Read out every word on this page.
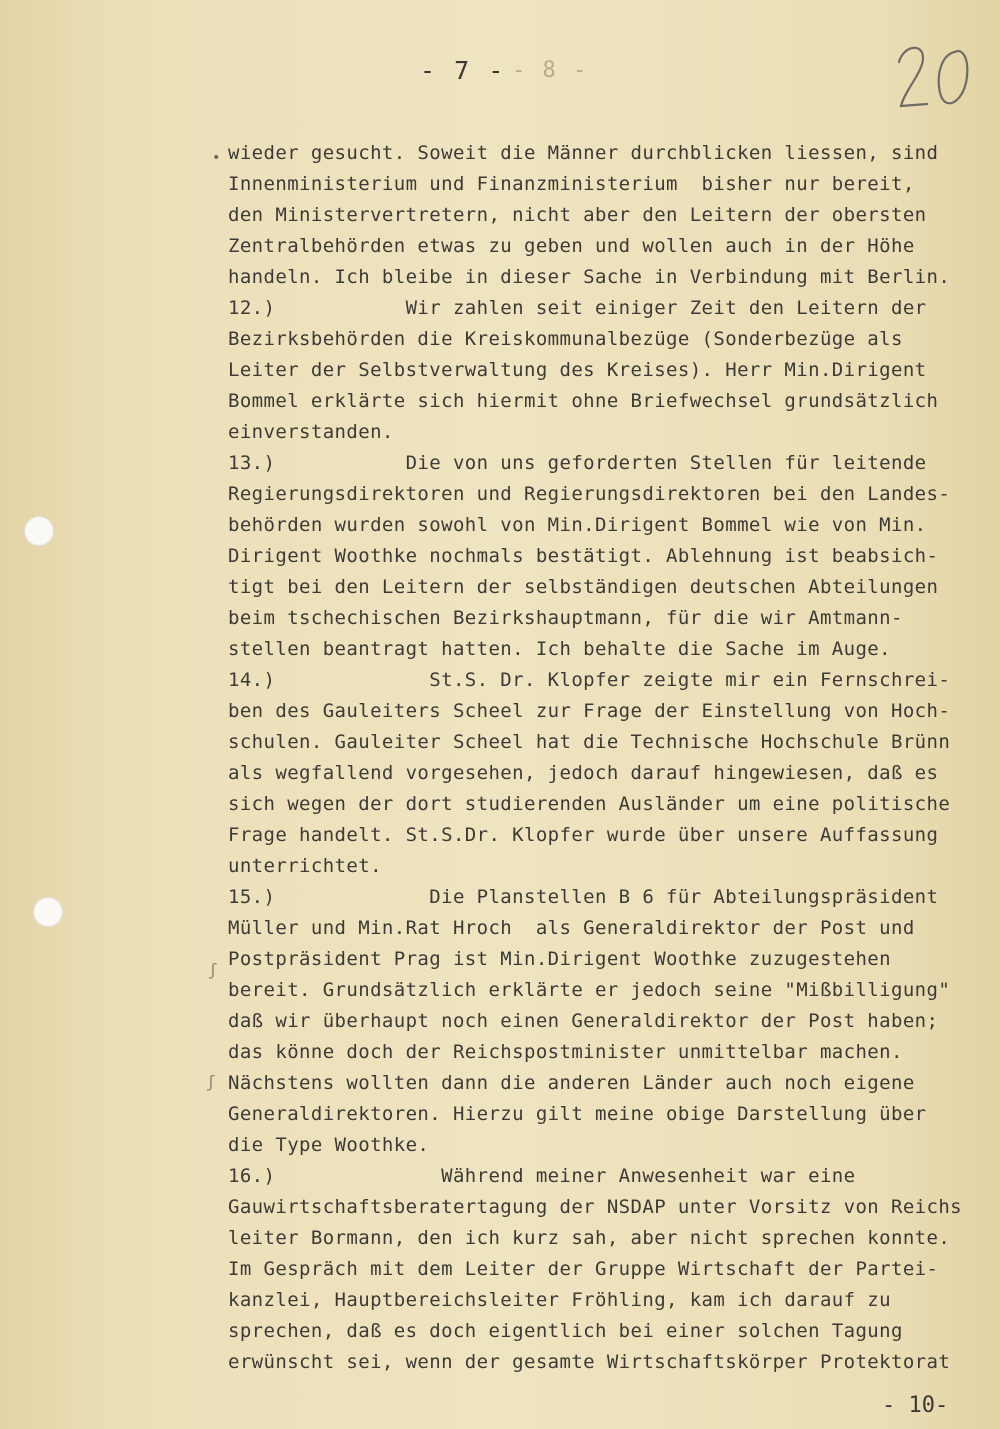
- 7 - - 8 -
•
ʃ
ʃ
wieder gesucht. Soweit die Männer durchblicken liessen, sind
Innenministerium und Finanzministerium  bisher nur bereit,
den Ministervertretern, nicht aber den Leitern der obersten
Zentralbehörden etwas zu geben und wollen auch in der Höhe
handeln. Ich bleibe in dieser Sache in Verbindung mit Berlin.
12.)           Wir zahlen seit einiger Zeit den Leitern der
Bezirksbehörden die Kreiskommunalbezüge (Sonderbezüge als
Leiter der Selbstverwaltung des Kreises). Herr Min.Dirigent
Bommel erklärte sich hiermit ohne Briefwechsel grundsätzlich
einverstanden.
13.)           Die von uns geforderten Stellen für leitende
Regierungsdirektoren und Regierungsdirektoren bei den Landes-
behörden wurden sowohl von Min.Dirigent Bommel wie von Min.
Dirigent Woothke nochmals bestätigt. Ablehnung ist beabsich-
tigt bei den Leitern der selbständigen deutschen Abteilungen
beim tschechischen Bezirkshauptmann, für die wir Amtmann-
stellen beantragt hatten. Ich behalte die Sache im Auge.
14.)             St.S. Dr. Klopfer zeigte mir ein Fernschrei-
ben des Gauleiters Scheel zur Frage der Einstellung von Hoch-
schulen. Gauleiter Scheel hat die Technische Hochschule Brünn
als wegfallend vorgesehen, jedoch darauf hingewiesen, daß es
sich wegen der dort studierenden Ausländer um eine politische
Frage handelt. St.S.Dr. Klopfer wurde über unsere Auffassung
unterrichtet.
15.)             Die Planstellen B 6 für Abteilungspräsident
Müller und Min.Rat Hroch  als Generaldirektor der Post und
Postpräsident Prag ist Min.Dirigent Woothke zuzugestehen
bereit. Grundsätzlich erklärte er jedoch seine "Mißbilligung"
daß wir überhaupt noch einen Generaldirektor der Post haben;
das könne doch der Reichspostminister unmittelbar machen.
Nächstens wollten dann die anderen Länder auch noch eigene
Generaldirektoren. Hierzu gilt meine obige Darstellung über
die Type Woothke.
16.)              Während meiner Anwesenheit war eine
Gauwirtschaftsberatertagung der NSDAP unter Vorsitz von Reichs
leiter Bormann, den ich kurz sah, aber nicht sprechen konnte.
Im Gespräch mit dem Leiter der Gruppe Wirtschaft der Partei-
kanzlei, Hauptbereichsleiter Fröhling, kam ich darauf zu
sprechen, daß es doch eigentlich bei einer solchen Tagung
erwünscht sei, wenn der gesamte Wirtschaftskörper Protektorat
- 10-
